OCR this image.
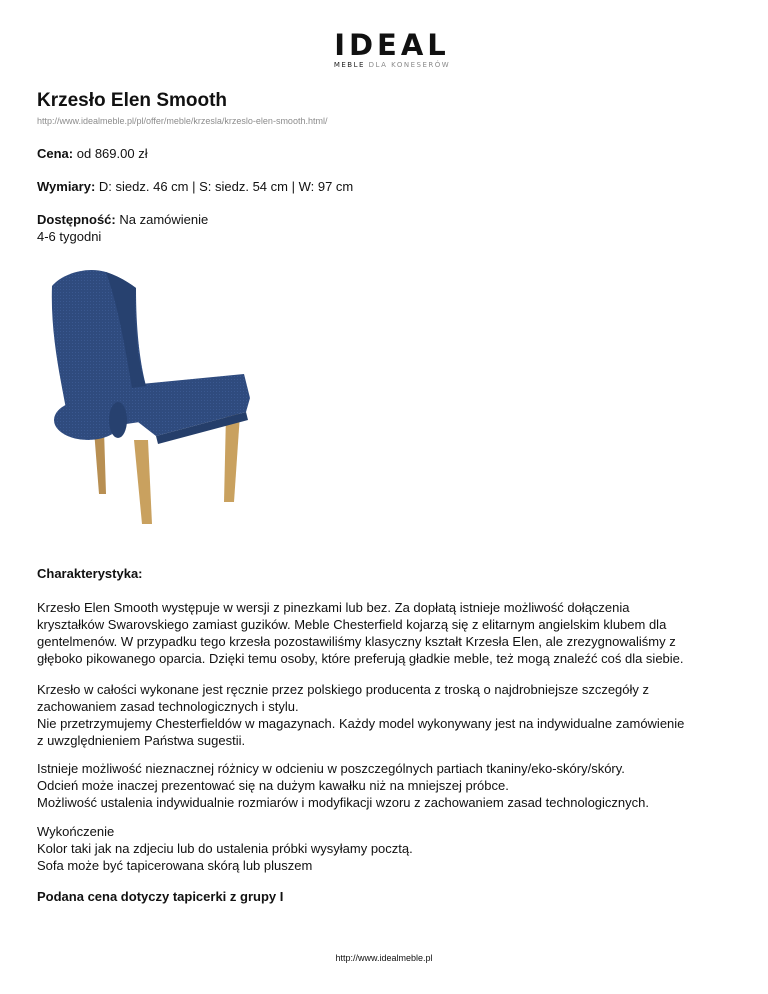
IDEAL
MEBLE DLA KONESERÓW
Krzesło Elen Smooth
http://www.idealmeble.pl/pl/offer/meble/krzesla/krzeslo-elen-smooth.html/
Cena: od 869.00 zł
Wymiary: D: siedz. 46 cm | S: siedz. 54 cm | W: 97 cm
Dostępność: Na zamówienie
4-6 tygodni

Charakterystyka:

Krzesło Elen Smooth występuje w wersji z pinezkami lub bez. Za dopłatą istnieje możliwość dołączenia

kryształków Swarovskiego zamiast guzików. Meble Chesterfield kojarzą się z elitarnym angielskim klubem dla

gentelmenów. W przypadku tego krzesła pozostawiliśmy klasyczny kształt Krzesła Elen, ale zrezygnowaliśmy z

głęboko pikowanego oparcia. Dzięki temu osoby, które preferują gładkie meble, też mogą znaleźć coś dla siebie.

Krzesło w całości wykonane jest ręcznie przez polskiego producenta z troską o najdrobniejsze szczegóły z

zachowaniem zasad technologicznych i stylu.

Nie przetrzymujemy Chesterfieldów w magazynach. Każdy model wykonywany jest na indywidualne zamówienie

z uwzględnieniem Państwa sugestii.

Istnieje możliwość nieznacznej różnicy w odcieniu w poszczególnych partiach tkaniny/eko-skóry/skóry.

Odcień może inaczej prezentować się na dużym kawałku niż na mniejszej próbce.

Możliwość ustalenia indywidualnie rozmiarów i modyfikacji wzoru z zachowaniem zasad technologicznych.

Wykończenie

Kolor taki jak na zdjeciu lub do ustalenia próbki wysyłamy pocztą.

Sofa może być tapicerowana skórą lub pluszem

Podana cena dotyczy tapicerki z grupy I

http://www.idealmeble.pl
